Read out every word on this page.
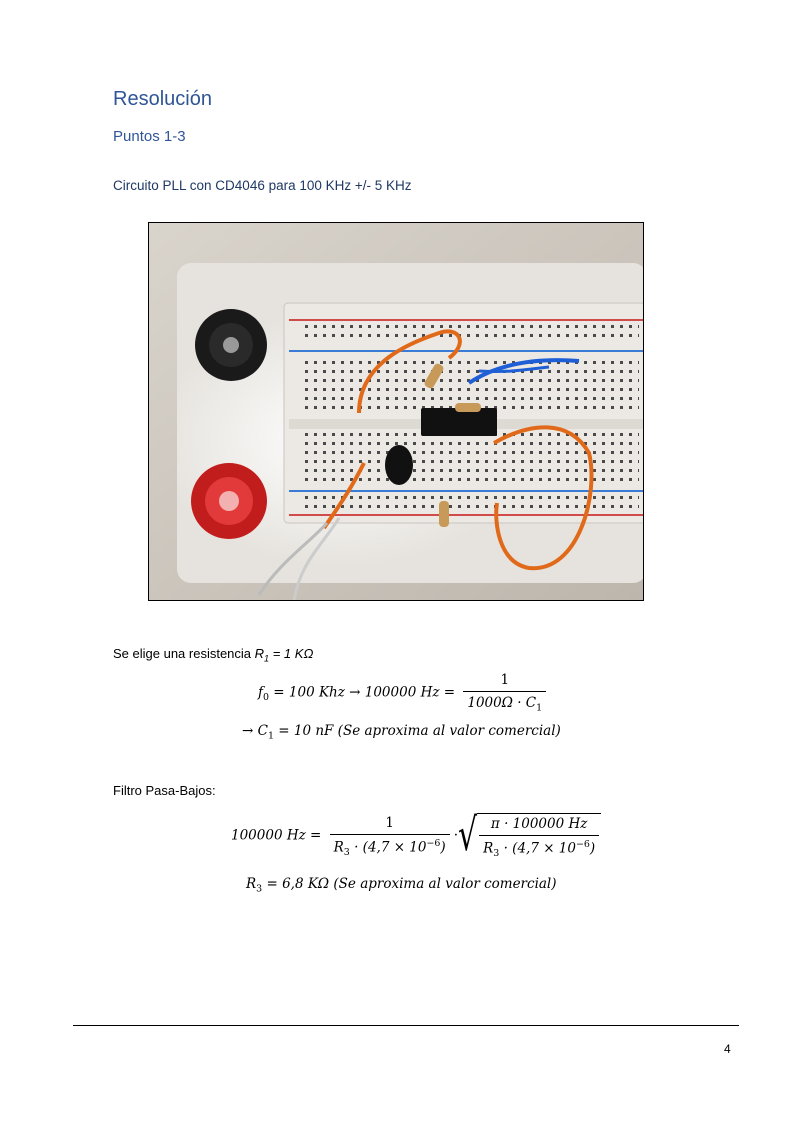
Resolución
Puntos 1-3
Circuito PLL con CD4046 para 100 KHz +/- 5 KHz
Se elige una resistencia $R_1 = 1$ KΩ
$f_0 = 100$ Khz → 100000 $Hz = \frac{1}{1000\Omega \cdot C_1}$
→ $C_1 = 10$ nF (Se aproxima al valor comercial)
Filtro Pasa-Bajos:
100000 $Hz = \frac{1}{R_3 \cdot (4,7 \times 10^{-6})}$ · √ $\frac{\pi \cdot 100000 Hz}{R_3 \cdot (4,7 \times 10^{-6})}$
$R_3 = 6,8$ KΩ (Se aproxima al valor comercial)
4
